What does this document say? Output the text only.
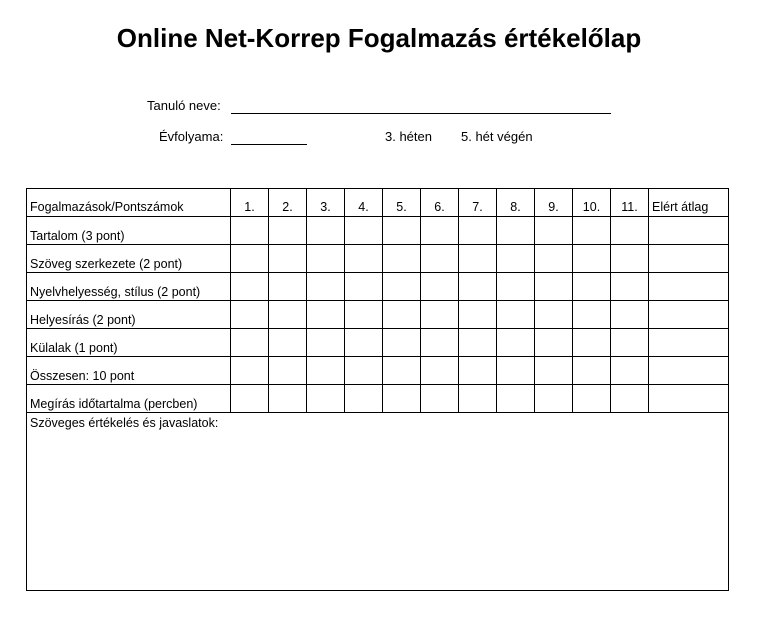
Online Net-Korrep Fogalmazás értékelőlap
Tanuló neve:
Évfolyama:	3. héten 5. hét végén
Fogalmazások/Pontszámok	1.	2.	3.	4.	5.	6.	7.	8.	9.	10.	11.	Elért átlag
Tartalom (3 pont)												
Szöveg szerkezete (2 pont)												
Nyelvhelyesség, stílus (2 pont)												
Helyesírás (2 pont)												
Külalak (1 pont)												
Összesen: 10 pont												
Megírás időtartalma (percben)												
Szöveges értékelés és javaslatok:												
